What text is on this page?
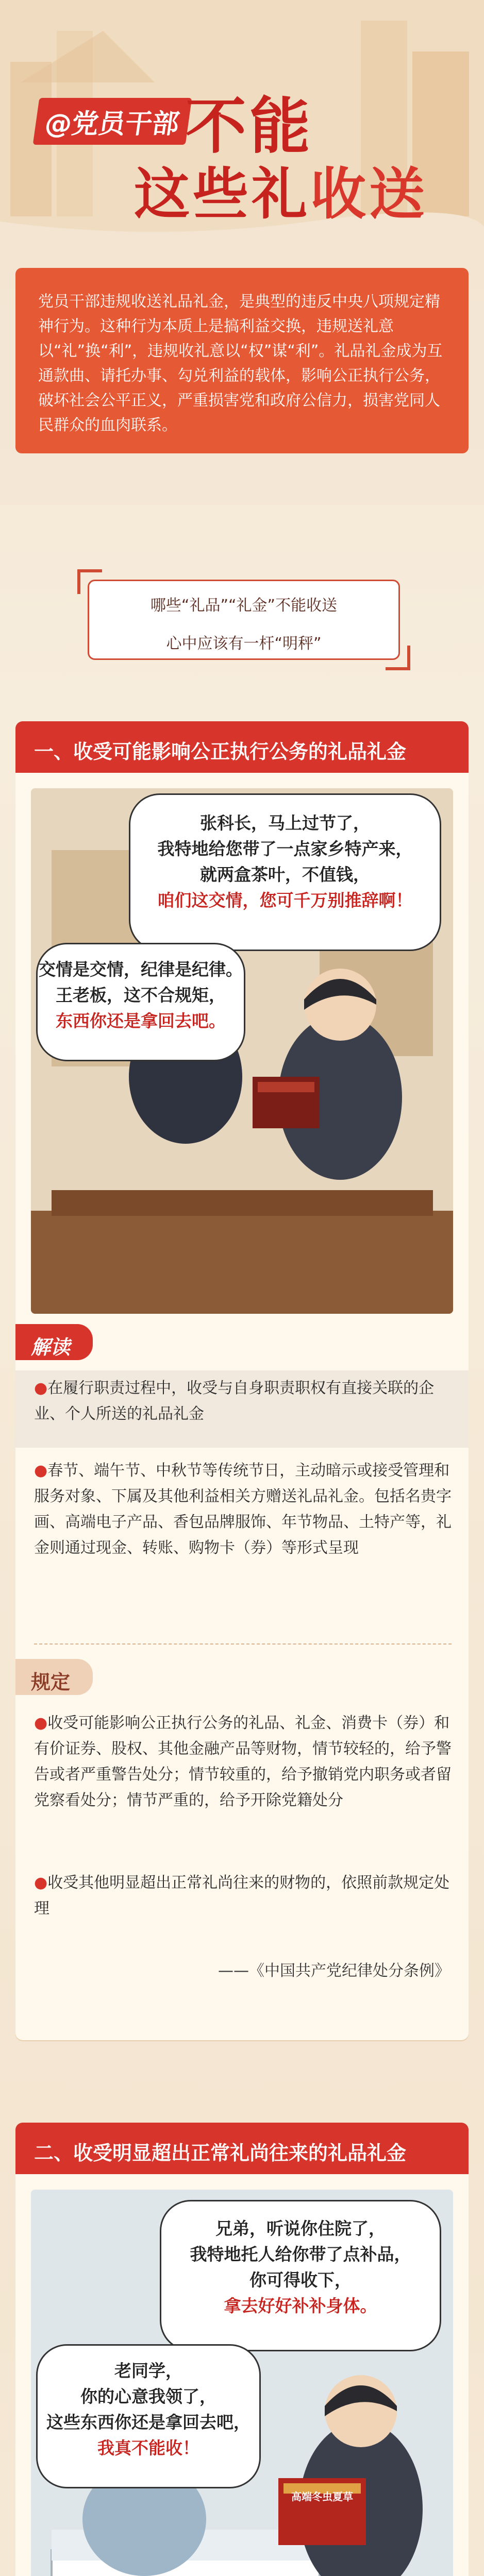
@党员干部 不能
这些礼收送

党员干部违规收送礼品礼金，是典型的违反中央八项规定精神行为。这种行为本质上是搞利益交换，违规送礼意以“礼”换“利”，违规收礼意以“权”谋“利”。礼品礼金成为互通款曲、请托办事、勾兑利益的载体，影响公正执行公务，破坏社会公平正义，严重损害党和政府公信力，损害党同人民群众的血肉联系。

哪些“礼品”“礼金”不能收送
心中应该有一杆“明秤”
一、收受可能影响公正执行公务的礼品礼金
张科长，马上过节了，
我特地给您带了一点家乡特产来，
就两盒茶叶，不值钱，
咱们这交情，您可千万别推辞啊！
交情是交情，纪律是纪律。
王老板，这不合规矩，
东西你还是拿回去吧。
解读
●在履行职责过程中，收受与自身职责职权有直接关联的企业、个人所送的礼品礼金
●春节、端午节、中秋节等传统节日，主动暗示或接受管理和服务对象、下属及其他利益相关方赠送礼品礼金。包括名贵字画、高端电子产品、香包品牌服饰、年节物品、土特产等，礼金则通过现金、转账、购物卡（券）等形式呈现
规定
●收受可能影响公正执行公务的礼品、礼金、消费卡（券）和有价证券、股权、其他金融产品等财物，情节较轻的，给予警告或者严重警告处分；情节较重的，给予撤销党内职务或者留党察看处分；情节严重的，给予开除党籍处分
●收受其他明显超出正常礼尚往来的财物的，依照前款规定处理
——《中国共产党纪律处分条例》
二、收受明显超出正常礼尚往来的礼品礼金
兄弟，听说你住院了，
我特地托人给你带了点补品，
你可得收下，
拿去好好补补身体。
老同学，
你的心意我领了，
这些东西你还是拿回去吧，
我真不能收！
高端冬虫夏草
